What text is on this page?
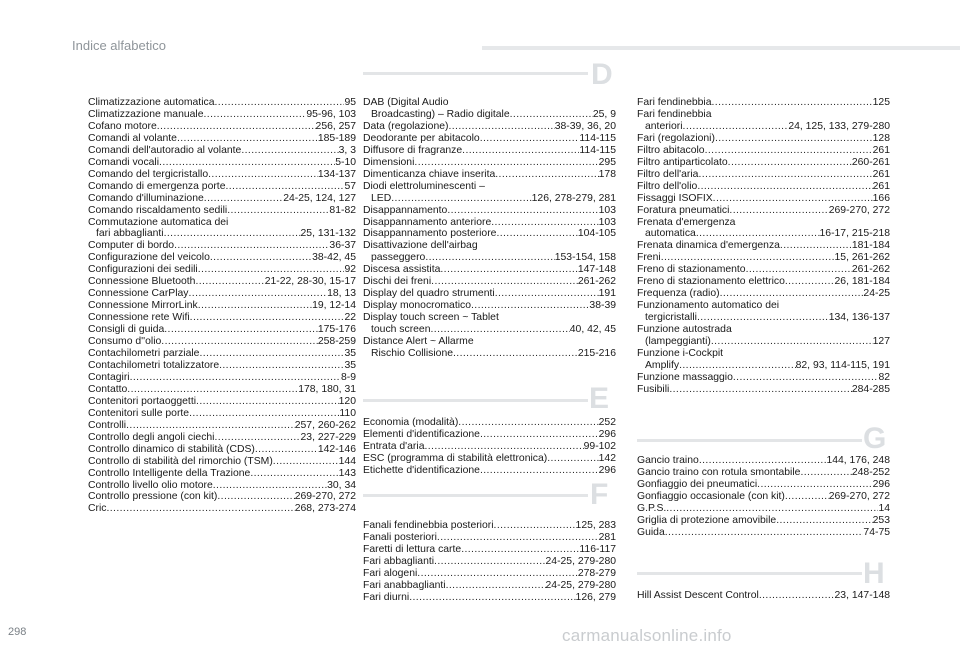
Indice alfabetico
Climatizzazione automatica .....	95
Climatizzazione manuale .....	95-96, 103
Cofano motore .....	256, 257
Comandi al volante .....	185-189
Comandi dell'autoradio al volante .....	3, 3
Comandi vocali .....	5-10
Comando del tergicristallo .....	134-137
Comando di emergenza porte .....	57
Comando d'illuminazione .....	24-25, 124, 127
Comando riscaldamento sedili .....	81-82
Commutazione automatica dei
fari abbaglianti .....	25, 131-132
Computer di bordo .....	36-37
Configurazione del veicolo .....	38-42, 45
Configurazioni dei sedili .....	92
Connessione Bluetooth .....	21-22, 28-30, 15-17
Connessione CarPlay .....	18, 13
Connessione MirrorLink .....	19, 12-14
Connessione rete Wifi .....	22
Consigli di guida .....	175-176
Consumo d''olio .....	258-259
Contachilometri parziale .....	35
Contachilometri totalizzatore .....	35
Contagiri .....	8-9
Contatto .....	178, 180, 31
Contenitori portaoggetti .....	120
Contenitori sulle porte .....	110
Controlli .....	257, 260-262
Controllo degli angoli ciechi .....	23, 227-229
Controllo dinamico di stabilità (CDS) .....	142-146
Controllo di stabilità del rimorchio (TSM) .....	144
Controllo Intelligente della Trazione .....	143
Controllo livello olio motore .....	30, 34
Controllo pressione (con kit) .....	269-270, 272
Cric .....	268, 273-274
D
DAB (Digital Audio
Broadcasting) – Radio digitale .....	25, 9
Data (regolazione) .....	38-39, 36, 20
Deodorante per abitacolo .....	114-115
Diffusore di fragranze .....	114-115
Dimensioni .....	295
Dimenticanza chiave inserita .....	178
Diodi elettroluminescenti –
LED .....	126, 278-279, 281
Disappannamento .....	103
Disappannamento anteriore .....	103
Disappannamento posteriore .....	104-105
Disattivazione dell'airbag
passeggero .....	153-154, 158
Discesa assistita .....	147-148
Dischi dei freni .....	261-262
Display del quadro strumenti .....	191
Display monocromatico .....	38-39
Display touch screen ~ Tablet
touch screen .....	40, 42, 45
Distance Alert ~ Allarme
Rischio Collisione .....	215-216
E
Economia (modalità) .....	252
Elementi d'identificazione .....	296
Entrata d'aria .....	99-102
ESC (programma di stabilità elettronica) .....	142
Etichette d'identificazione .....	296
F
Fanali fendinebbia posteriori .....	125, 283
Fanali posteriori .....	281
Faretti di lettura carte .....	116-117
Fari abbaglianti .....	24-25, 279-280
Fari alogeni .....	278-279
Fari anabbaglianti .....	24-25, 279-280
Fari diurni .....	126, 279
Fari fendinebbia .....	125
Fari fendinebbia
anteriori .....	24, 125, 133, 279-280
Fari (regolazioni) .....	128
Filtro abitacolo .....	261
Filtro antiparticolato .....	260-261
Filtro dell'aria .....	261
Filtro dell'olio .....	261
Fissaggi ISOFIX .....	166
Foratura pneumatici .....	269-270, 272
Frenata d'emergenza
automatica .....	16-17, 215-218
Frenata dinamica d'emergenza .....	181-184
Freni .....	15, 261-262
Freno di stazionamento .....	261-262
Freno di stazionamento elettrico .....	26, 181-184
Frequenza (radio) .....	24-25
Funzionamento automatico dei
tergicristalli .....	134, 136-137
Funzione autostrada
(lampeggianti) .....	127
Funzione i-Cockpit
Amplify .....	82, 93, 114-115, 191
Funzione massaggio .....	82
Fusibili .....	284-285
G
Gancio traino .....	144, 176, 248
Gancio traino con rotula smontabile .....	248-252
Gonfiaggio dei pneumatici .....	296
Gonfiaggio occasionale (con kit) .....	269-270, 272
G.P.S. .....	14
Griglia di protezione amovibile .....	253
Guida .....	74-75
H
Hill Assist Descent Control .....	23, 147-148
298	carmanualsonline.info
